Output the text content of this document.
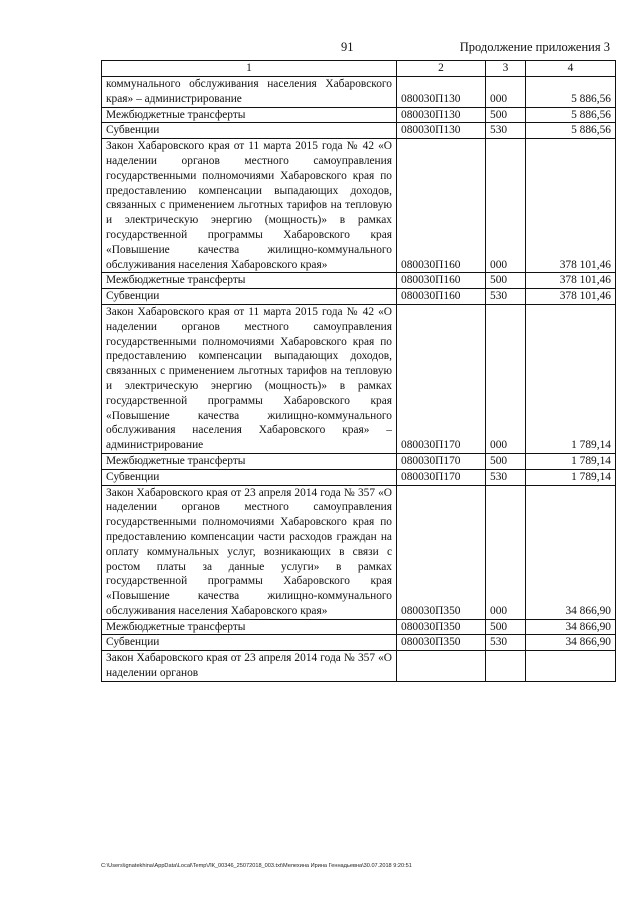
91	Продолжение приложения 3
1	2	3	4
коммунального обслуживания населения Хабаровского края» – администрирование	080030П130	000	5 886,56
Межбюджетные трансферты	080030П130	500	5 886,56
Субвенции	080030П130	530	5 886,56
Закон Хабаровского края от 11 марта 2015 года № 42 «О наделении органов местного самоуправления государственными полномочиями Хабаровского края по предоставлению компенсации выпадающих доходов, связанных с применением льготных тарифов на тепловую и электрическую энергию (мощность)» в рамках государственной программы Хабаровского края «Повышение качества жилищно-коммунального обслуживания населения Хабаровского края»	080030П160	000	378 101,46
Межбюджетные трансферты	080030П160	500	378 101,46
Субвенции	080030П160	530	378 101,46
Закон Хабаровского края от 11 марта 2015 года № 42 «О наделении органов местного самоуправления государственными полномочиями Хабаровского края по предоставлению компенсации выпадающих доходов, связанных с применением льготных тарифов на тепловую и электрическую энергию (мощность)» в рамках государственной программы Хабаровского края «Повышение качества жилищно-коммунального обслуживания населения Хабаровского края» – администрирование	080030П170	000	1 789,14
Межбюджетные трансферты	080030П170	500	1 789,14
Субвенции	080030П170	530	1 789,14
Закон Хабаровского края от 23 апреля 2014 года № 357 «О наделении органов местного самоуправления государственными полномочиями Хабаровского края по предоставлению компенсации части расходов граждан на оплату коммунальных услуг, возникающих в связи с ростом платы за данные услуги» в рамках государственной программы Хабаровского края «Повышение качества жилищно-коммунального обслуживания населения Хабаровского края»	080030П350	000	34 866,90
Межбюджетные трансферты	080030П350	500	34 866,90
Субвенции	080030П350	530	34 866,90
Закон Хабаровского края от 23 апреля 2014 года № 357 «О наделении органов			
C:\Users\ignatekhina\AppData\Local\Temp\ЛК_00346_25072018_003.txt\Мелехина Ирина Геннадьевна\30.07.2018 9:20:51
